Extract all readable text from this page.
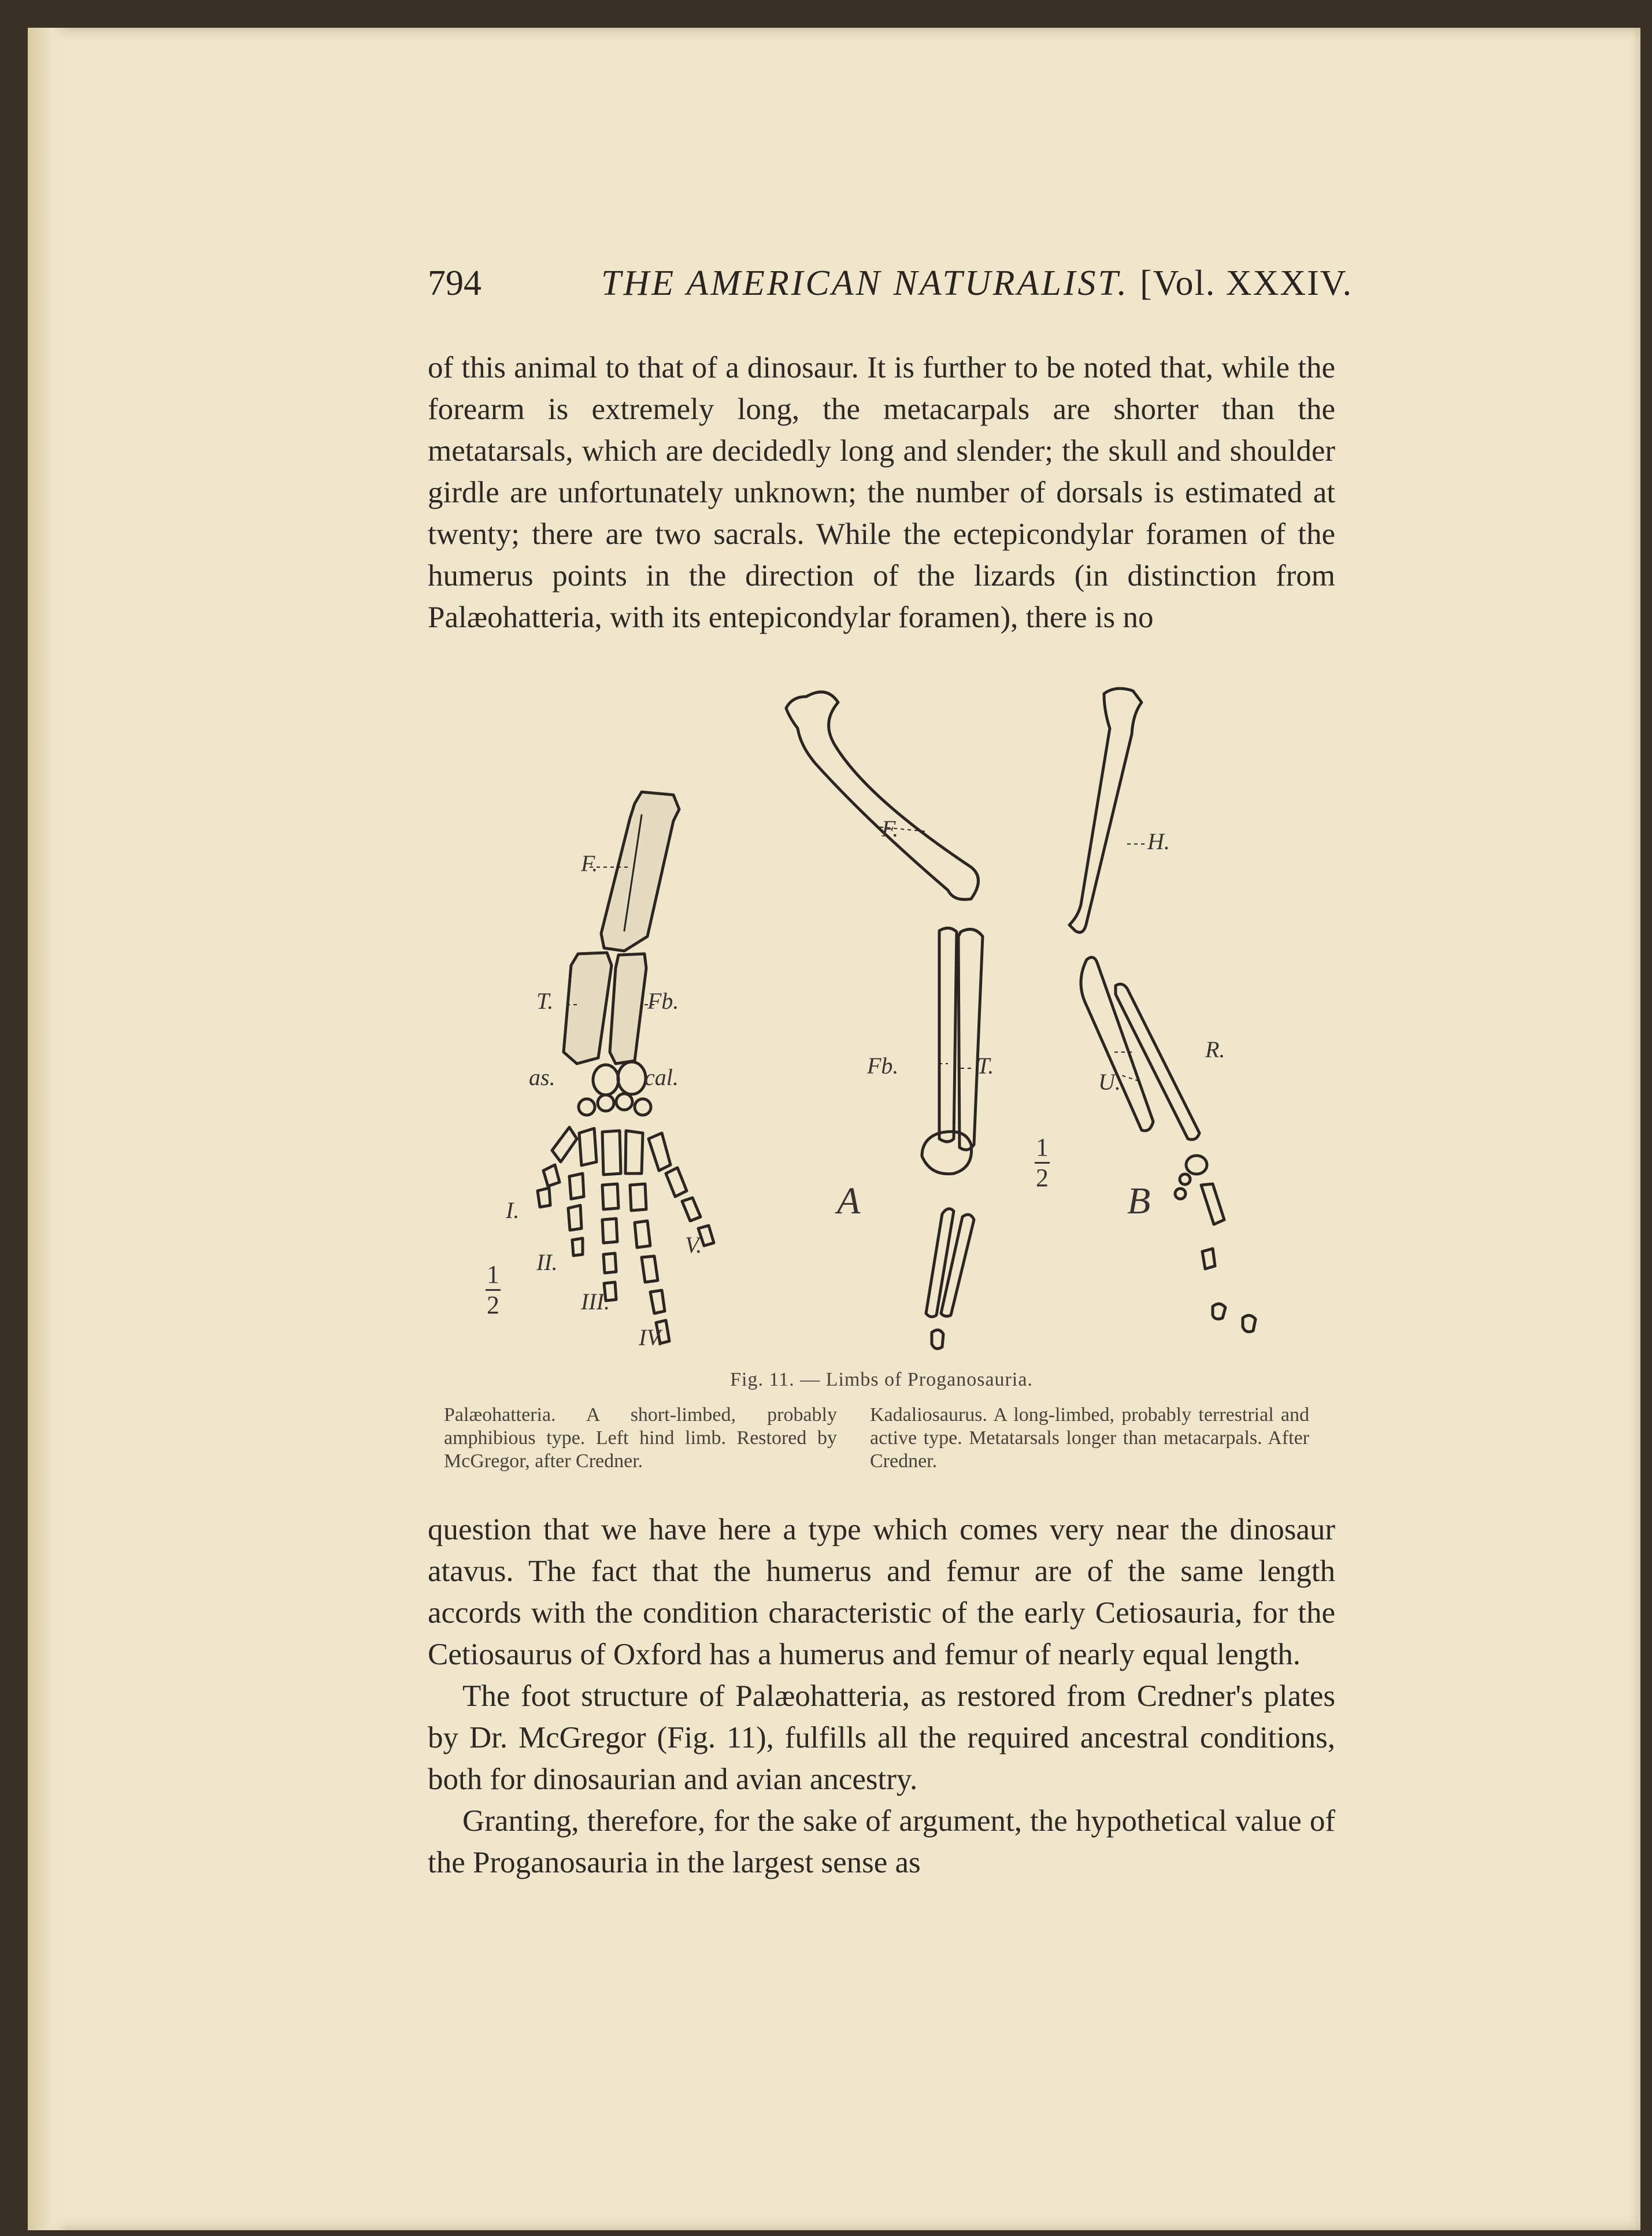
794	THE AMERICAN NATURALIST. [Vol. XXXIV.

of this animal to that of a dinosaur. It is further to be noted that, while the forearm is extremely long, the metacarpals are shorter than the metatarsals, which are decidedly long and slender; the skull and shoulder girdle are unfortunately unknown; the number of dorsals is estimated at twenty; there are two sacrals. While the ectepicondylar foramen of the humerus points in the direction of the lizards (in distinction from Palæohatteria, with its entepicondylar foramen), there is no

F.
T.	Fb.
as.	cal.
I.
II.
III.
IV.
V.
1
2
F.
Fb.	T.
A
1
2
H.
R.
U.
B
Fig. 11. — Limbs of Proganosauria.
Palæohatteria. A short-limbed, probably amphibious type. Left hind limb. Restored by McGregor, after Credner.
Kadaliosaurus. A long-limbed, probably terrestrial and active type. Metatarsals longer than metacarpals. After Credner.

question that we have here a type which comes very near the dinosaur atavus. The fact that the humerus and femur are of the same length accords with the condition characteristic of the early Cetiosauria, for the Cetiosaurus of Oxford has a humerus and femur of nearly equal length.

The foot structure of Palæohatteria, as restored from Credner's plates by Dr. McGregor (Fig. 11), fulfills all the required ancestral conditions, both for dinosaurian and avian ancestry.

Granting, therefore, for the sake of argument, the hypothetical value of the Proganosauria in the largest sense as
